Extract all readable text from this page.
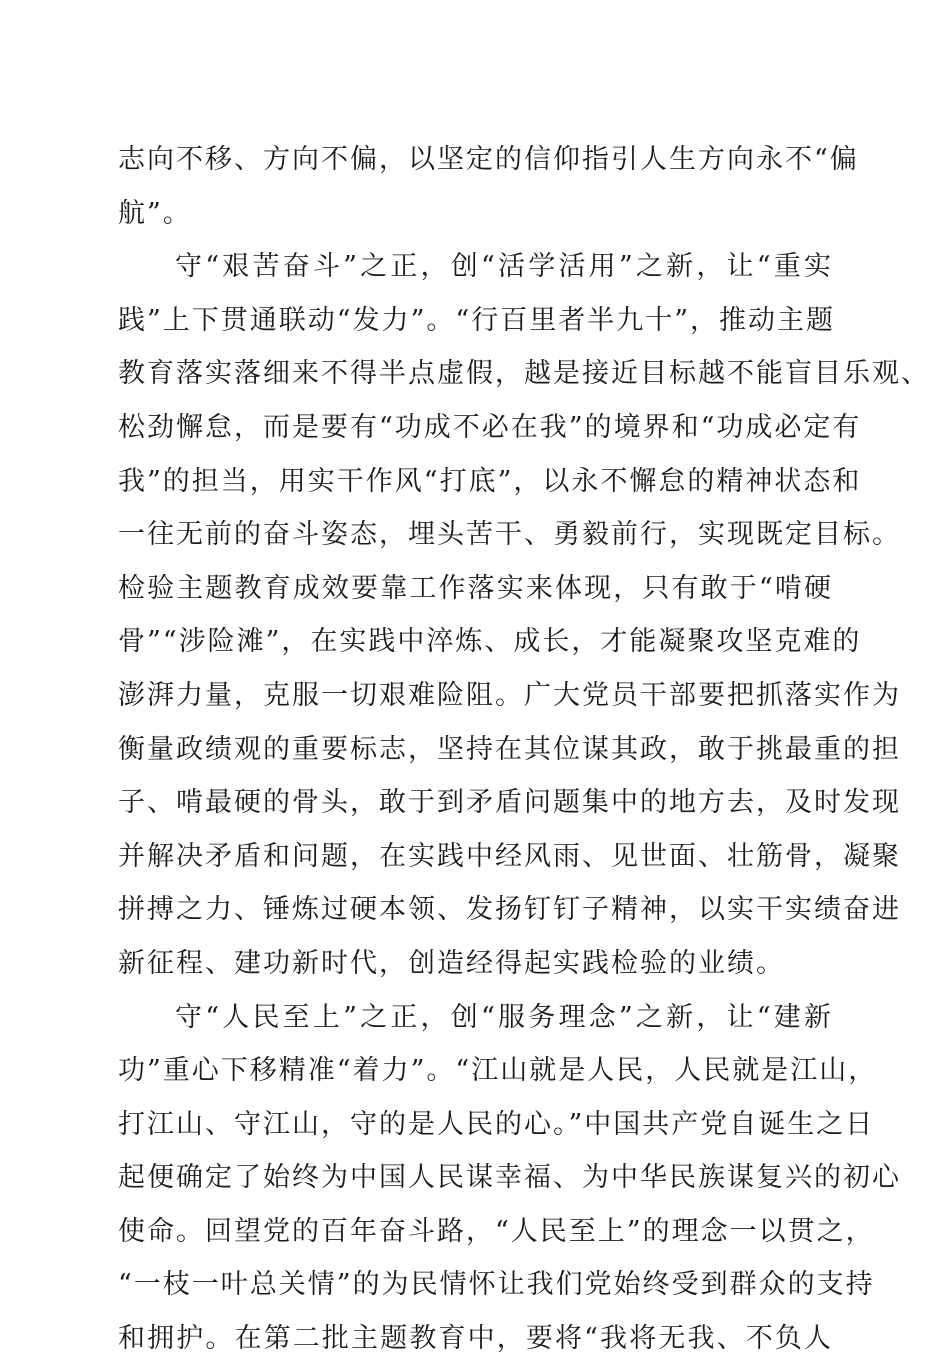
志向不移、方向不偏，以坚定的信仰指引人生方向永不“偏
航”。
守“艰苦奋斗”之正，创“活学活用”之新，让“重实
践”上下贯通联动“发力”。“行百里者半九十”，推动主题
教育落实落细来不得半点虚假，越是接近目标越不能盲目乐观、
松劲懈怠，而是要有“功成不必在我”的境界和“功成必定有
我”的担当，用实干作风“打底”，以永不懈怠的精神状态和
一往无前的奋斗姿态，埋头苦干、勇毅前行，实现既定目标。
检验主题教育成效要靠工作落实来体现，只有敢于“啃硬
骨”“涉险滩”，在实践中淬炼、成长，才能凝聚攻坚克难的
澎湃力量，克服一切艰难险阻。广大党员干部要把抓落实作为
衡量政绩观的重要标志，坚持在其位谋其政，敢于挑最重的担
子、啃最硬的骨头，敢于到矛盾问题集中的地方去，及时发现
并解决矛盾和问题，在实践中经风雨、见世面、壮筋骨，凝聚
拼搏之力、锤炼过硬本领、发扬钉钉子精神，以实干实绩奋进
新征程、建功新时代，创造经得起实践检验的业绩。
守“人民至上”之正，创“服务理念”之新，让“建新
功”重心下移精准“着力”。“江山就是人民，人民就是江山，
打江山、守江山，守的是人民的心。”中国共产党自诞生之日
起便确定了始终为中国人民谋幸福、为中华民族谋复兴的初心
使命。回望党的百年奋斗路，“人民至上”的理念一以贯之，
“一枝一叶总关情”的为民情怀让我们党始终受到群众的支持
和拥护。在第二批主题教育中，要将“我将无我、不负人
